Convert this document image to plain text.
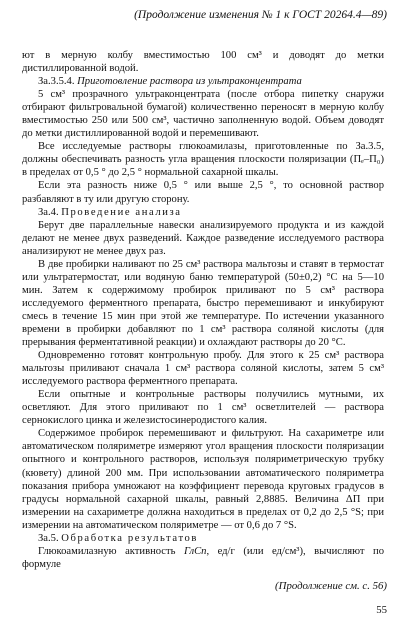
(Продолжение изменения № 1 к ГОСТ 20264.4—89)

ют в мерную колбу вместимостью 100 см³ и доводят до метки дистиллированной водой.

За.3.5.4. Приготовление раствора из ультраконцентрата

5 см³ прозрачного ультраконцентрата (после отбора пипетку снаружи отбирают фильтровальной бумагой) количественно переносят в мерную колбу вместимостью 250 или 500 см³, частично заполненную водой. Объем доводят до метки дистиллированной водой и перемешивают.

Все исследуемые растворы глюкоамилазы, приготовленные по За.3.5, должны обеспечивать разность угла вращения плоскости поляризации (Пₑ–П₀) в пределах от 0,5 ° до 2,5 ° нормальной сахарной шкалы.

Если эта разность ниже 0,5 ° или выше 2,5 °, то основной раствор разбавляют в ту или другую сторону.

За.4. Проведение анализа

Берут две параллельные навески анализируемого продукта и из каждой делают не менее двух разведений. Каждое разведение исследуемого раствора анализируют не менее двух раз.

В две пробирки наливают по 25 см³ раствора мальтозы и ставят в термостат или ультратермостат, или водяную баню температурой (50±0,2) °С на 5—10 мин. Затем к содержимому пробирок приливают по 5 см³ раствора исследуемого ферментного препарата, быстро перемешивают и инкубируют смесь в течение 15 мин при этой же температуре. По истечении указанного времени в пробирки добавляют по 1 см³ раствора соляной кислоты (для прерывания ферментативной реакции) и охлаждают растворы до 20 °С.

Одновременно готовят контрольную пробу. Для этого к 25 см³ раствора мальтозы приливают сначала 1 см³ раствора соляной кислоты, затем 5 см³ исследуемого раствора ферментного препарата.

Если опытные и контрольные растворы получились мутными, их осветляют. Для этого приливают по 1 см³ осветлителей — раствора сернокислого цинка и железистосинеродистого калия.

Содержимое пробирок перемешивают и фильтруют. На сахариметре или автоматическом поляриметре измеряют угол вращения плоскости поляризации опытного и контрольного растворов, используя поляриметрическую трубку (кювету) длиной 200 мм. При использовании автоматического поляриметра показания прибора умножают на коэффициент перевода круговых градусов в градусы нормальной сахарной шкалы, равный 2,8885. Величина ΔП при измерении на сахариметре должна находиться в пределах от 0,2 до 2,5 °S; при измерении на автоматическом поляриметре — от 0,6 до 7 °S.

За.5. Обработка результатов

Глюкоамилазную активность ГлСп, ед/г (или ед/см³), вычисляют по формуле

(Продолжение см. с. 56)
55
